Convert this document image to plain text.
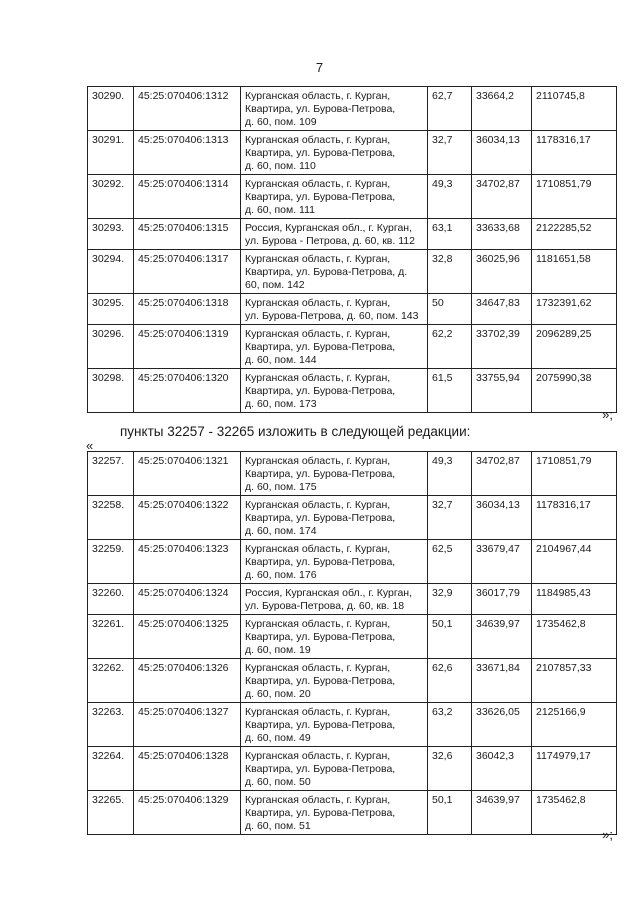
7
30290.	45:25:070406:1312	Курганская область, г. Курган,
Квартира, ул. Бурова-Петрова,
д. 60, пом. 109	62,7	33664,2	2110745,8
30291.	45:25:070406:1313	Курганская область, г. Курган,
Квартира, ул. Бурова-Петрова,
д. 60, пом. 110	32,7	36034,13	1178316,17
30292.	45:25:070406:1314	Курганская область, г. Курган,
Квартира, ул. Бурова-Петрова,
д. 60, пом. 111	49,3	34702,87	1710851,79
30293.	45:25:070406:1315	Россия, Курганская обл., г. Курган,
ул. Бурова - Петрова, д. 60, кв. 112	63,1	33633,68	2122285,52
30294.	45:25:070406:1317	Курганская область, г. Курган,
Квартира, ул. Бурова-Петрова, д.
60, пом. 142	32,8	36025,96	1181651,58
30295.	45:25:070406:1318	Курганская область, г. Курган,
ул. Бурова-Петрова, д. 60, пом. 143	50	34647,83	1732391,62
30296.	45:25:070406:1319	Курганская область, г. Курган,
Квартира, ул. Бурова-Петрова,
д. 60, пом. 144	62,2	33702,39	2096289,25
30298.	45:25:070406:1320	Курганская область, г. Курган,
Квартира, ул. Бурова-Петрова,
д. 60, пом. 173	61,5	33755,94	2075990,38
»;
пункты 32257 - 32265 изложить в следующей редакции:
«
32257.	45:25:070406:1321	Курганская область, г. Курган,
Квартира, ул. Бурова-Петрова,
д. 60, пом. 175	49,3	34702,87	1710851,79
32258.	45:25:070406:1322	Курганская область, г. Курган,
Квартира, ул. Бурова-Петрова,
д. 60, пом. 174	32,7	36034,13	1178316,17
32259.	45:25:070406:1323	Курганская область, г. Курган,
Квартира, ул. Бурова-Петрова,
д. 60, пом. 176	62,5	33679,47	2104967,44
32260.	45:25:070406:1324	Россия, Курганская обл., г. Курган,
ул. Бурова-Петрова, д. 60, кв. 18	32,9	36017,79	1184985,43
32261.	45:25:070406:1325	Курганская область, г. Курган,
Квартира, ул. Бурова-Петрова,
д. 60, пом. 19	50,1	34639,97	1735462,8
32262.	45:25:070406:1326	Курганская область, г. Курган,
Квартира, ул. Бурова-Петрова,
д. 60, пом. 20	62,6	33671,84	2107857,33
32263.	45:25:070406:1327	Курганская область, г. Курган,
Квартира, ул. Бурова-Петрова,
д. 60, пом. 49	63,2	33626,05	2125166,9
32264.	45:25:070406:1328	Курганская область, г. Курган,
Квартира, ул. Бурова-Петрова,
д. 60, пом. 50	32,6	36042,3	1174979,17
32265.	45:25:070406:1329	Курганская область, г. Курган,
Квартира, ул. Бурова-Петрова,
д. 60, пом. 51	50,1	34639,97	1735462,8
»;
